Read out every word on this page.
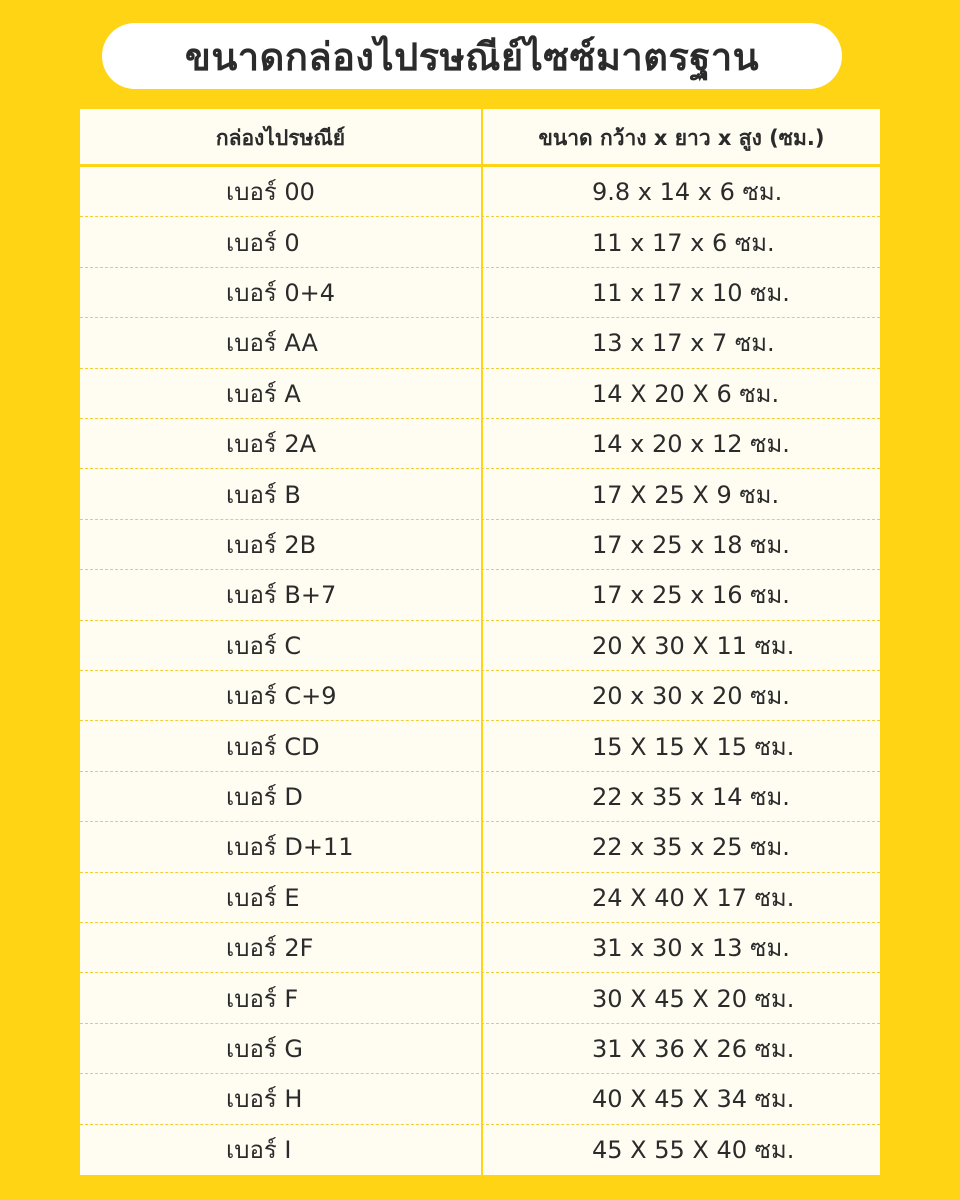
ขนาดกล่องไปรษณีย์ไซซ์มาตรฐาน
กล่องไปรษณีย์	ขนาด กว้าง x ยาว x สูง (ซม.)
เบอร์ 00	9.8 x 14 x 6 ซม.
เบอร์ 0	11 x 17 x 6 ซม.
เบอร์ 0+4	11 x 17 x 10 ซม.
เบอร์ AA	13 x 17 x 7 ซม.
เบอร์ A	14 X 20 X 6 ซม.
เบอร์ 2A	14 x 20 x 12 ซม.
เบอร์ B	17 X 25 X 9 ซม.
เบอร์ 2B	17 x 25 x 18 ซม.
เบอร์ B+7	17 x 25 x 16 ซม.
เบอร์ C	20 X 30 X 11 ซม.
เบอร์ C+9	20 x 30 x 20 ซม.
เบอร์ CD	15 X 15 X 15 ซม.
เบอร์ D	22 x 35 x 14 ซม.
เบอร์ D+11	22 x 35 x 25 ซม.
เบอร์ E	24 X 40 X 17 ซม.
เบอร์ 2F	31 x 30 x 13 ซม.
เบอร์ F	30 X 45 X 20 ซม.
เบอร์ G	31 X 36 X 26 ซม.
เบอร์ H	40 X 45 X 34 ซม.
เบอร์ I	45 X 55 X 40 ซม.
